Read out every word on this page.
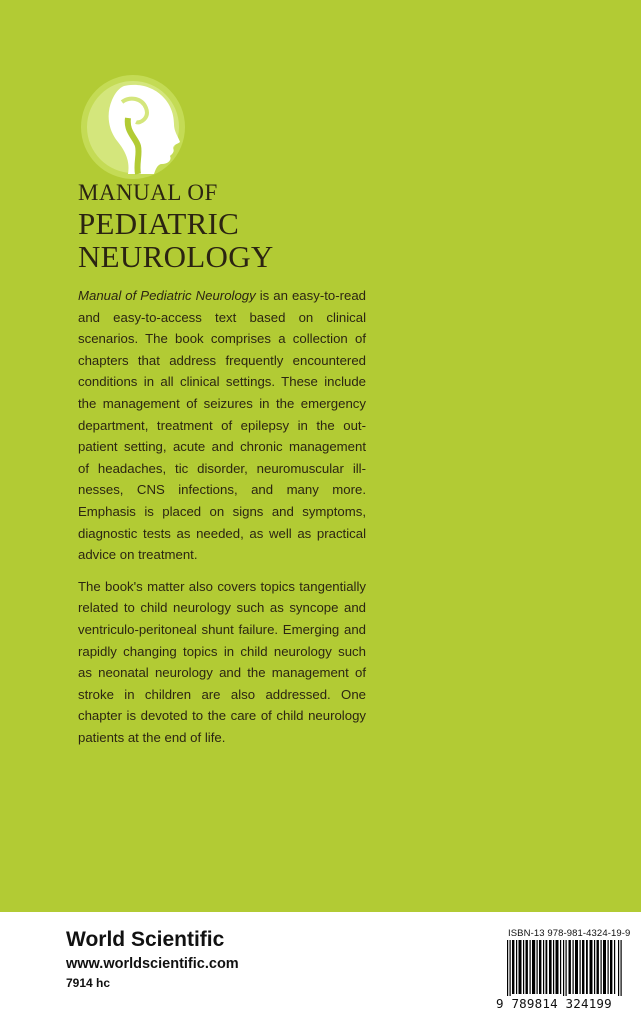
MANUAL OF
PEDIATRIC
NEUROLOGY

Manual of Pediatric Neurology is an easy-to-read and easy-to-access text based on clinical scenarios. The book comprises a collection of chapters that address frequently encountered conditions in all clinical settings. These include the management of seizures in the emergency department, treatment of epilepsy in the out-patient setting, acute and chronic management of headaches, tic disorder, neuromuscular ill-nesses, CNS infections, and many more. Emphasis is placed on signs and symptoms, diagnostic tests as needed, as well as practical advice on treatment.

The book's matter also covers topics tangentially related to child neurology such as syncope and ventriculo-peritoneal shunt failure. Emerging and rapidly changing topics in child neurology such as neonatal neurology and the management of stroke in children are also addressed. One chapter is devoted to the care of child neurology patients at the end of life.

World Scientific
www.worldscientific.com
7914 hc
ISBN-13 978-981-4324-19-9
9 789814 324199
